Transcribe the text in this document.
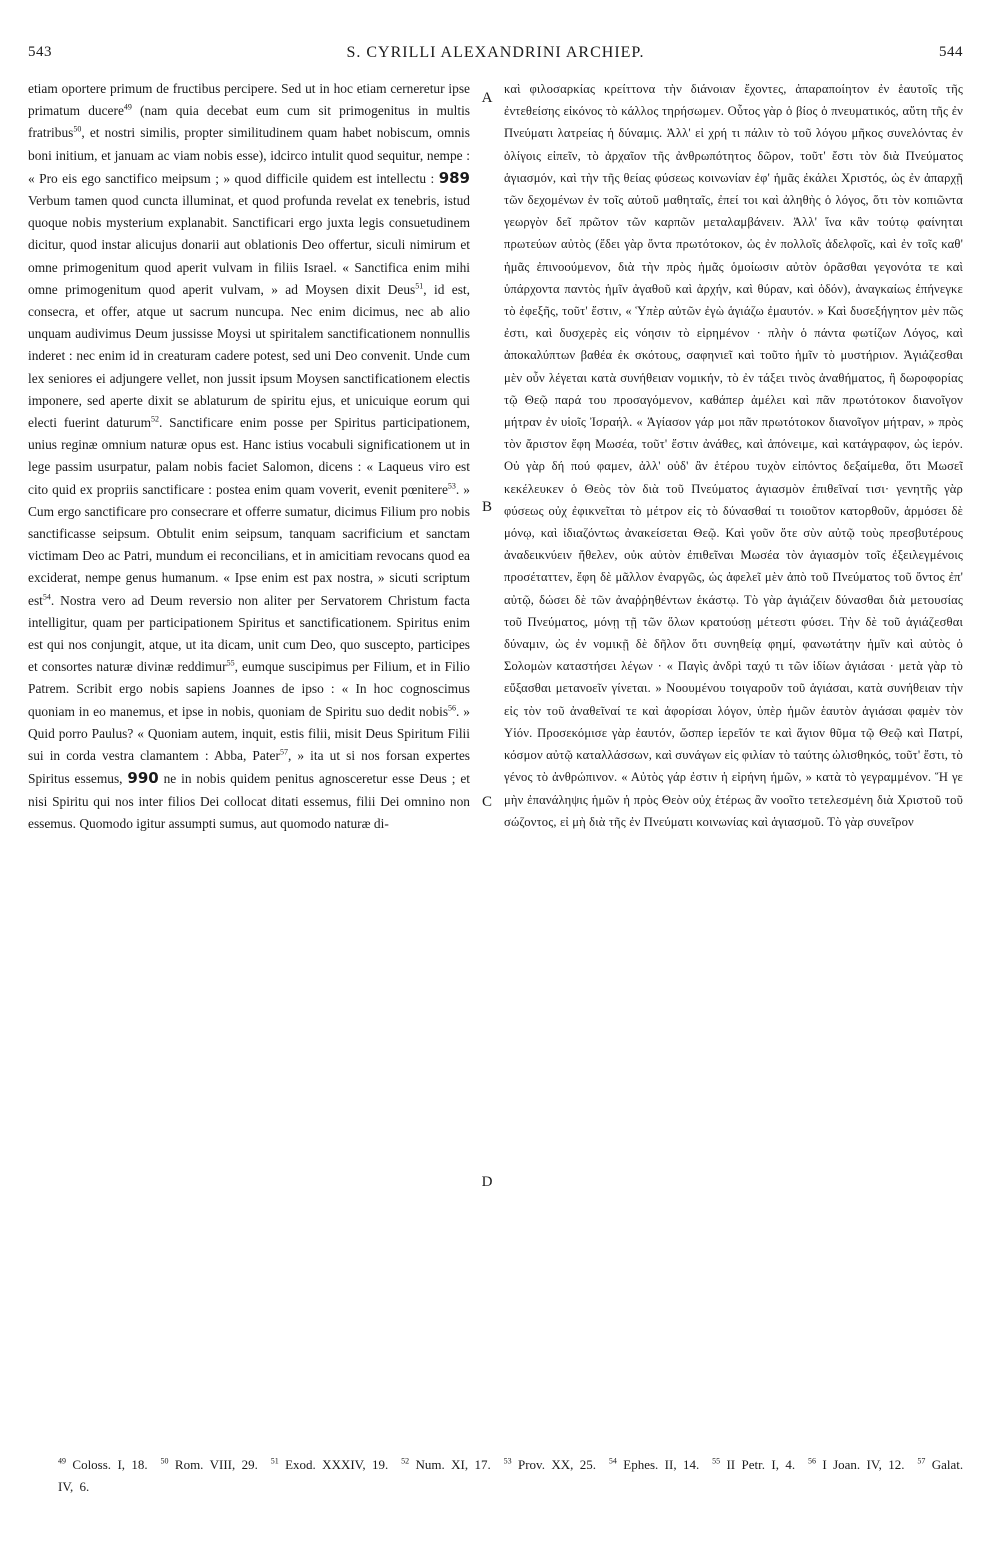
543	S. CYRILLI ALEXANDRINI ARCHIEP.	544
etiam oportere primum de fructibus percipere. Sed ut in hoc etiam cerneretur ipse primatum ducere$^{49}$ (nam quia decebat eum cum sit primogenitus in multis fratribus$^{50}$, et nostri similis, propter similitudinem quam habet nobiscum, omnis boni initium, et januam ac viam nobis esse), idcirco intulit quod sequitur, nempe : « Pro eis ego sanctifico meipsum ; » quod difficile quidem est intellectu : 989 Verbum tamen quod cuncta illuminat, et quod profunda revelat ex tenebris, istud quoque nobis mysterium explanabit. Sanctificari ergo juxta legis consuetudinem dicitur, quod instar alicujus donarii aut oblationis Deo offertur, siculi nimirum et omne primogenitum quod aperit vulvam in filiis Israel. « Sanctifica enim mihi omne primogenitum quod aperit vulvam, » ad Moysen dixit Deus$^{51}$, id est, consecra, et offer, atque ut sacrum nuncupa. Nec enim dicimus, nec ab alio unquam audivimus Deum jussisse Moysi ut spiritalem sanctificationem nonnullis inderet : nec enim id in creaturam cadere potest, sed uni Deo convenit. Unde cum lex seniores ei adjungere vellet, non jussit ipsum Moysen sanctificationem electis imponere, sed aperte dixit se ablaturum de spiritu ejus, et unicuique eorum qui electi fuerint daturum$^{52}$. Sanctificare enim posse per Spiritus participationem, unius reginæ omnium naturæ opus est. Hanc istius vocabuli significationem ut in lege passim usurpatur, palam nobis faciet Salomon, dicens : « Laqueus viro est cito quid ex propriis sanctificare : postea enim quam voverit, evenit pœnitere$^{53}$. » Cum ergo sanctificare pro consecrare et offerre sumatur, dicimus Filium pro nobis sanctificasse seipsum. Obtulit enim seipsum, tanquam sacrificium et sanctam victimam Deo ac Patri, mundum ei reconcilians, et in amicitiam revocans quod ea exciderat, nempe genus humanum. « Ipse enim est pax nostra, » sicuti scriptum est$^{54}$. Nostra vero ad Deum reversio non aliter per Servatorem Christum facta intelligitur, quam per participationem Spiritus et sanctificationem. Spiritus enim est qui nos conjungit, atque, ut ita dicam, unit cum Deo, quo suscepto, participes et consortes naturæ divinæ reddimur$^{55}$, eumque suscipimus per Filium, et in Filio Patrem. Scribit ergo nobis sapiens Joannes de ipso : « In hoc cognoscimus quoniam in eo manemus, et ipse in nobis, quoniam de Spiritu suo dedit nobis$^{56}$. » Quid porro Paulus? « Quoniam autem, inquit, estis filii, misit Deus Spiritum Filii sui in corda vestra clamantem : Abba, Pater$^{57}$, » ita ut si nos forsan expertes Spiritus essemus, 990 ne in nobis quidem penitus agnosceretur esse Deus ; et nisi Spiritu qui nos inter filios Dei collocat ditati essemus, filii Dei omnino non essemus. Quomodo igitur assumpti sumus, aut quomodo naturæ di-
A
B
C
D
καὶ φιλοσαρκίας κρείττονα τὴν διάνοιαν ἔχοντες, ἀπαραποίητον ἐν ἑαυτοῖς τῆς ἐντεθείσης εἰκόνος τὸ κάλλος τηρήσωμεν. Οὗτος γὰρ ὁ βίος ὁ πνευματικός, αὕτη τῆς ἐν Πνεύματι λατρείας ἡ δύναμις. Ἀλλ' εἰ χρή τι πάλιν τὸ τοῦ λόγου μῆκος συνελόντας ἐν ὀλίγοις εἰπεῖν, τὸ ἀρχαῖον τῆς ἀνθρωπότητος δῶρον, τοῦτ' ἔστι τὸν διὰ Πνεύματος ἁγιασμόν, καὶ τὴν τῆς θείας φύσεως κοινωνίαν ἐφ' ἡμᾶς ἐκάλει Χριστός, ὡς ἐν ἀπαρχῇ τῶν δεχομένων ἐν τοῖς αὐτοῦ μαθηταῖς, ἐπεί τοι καὶ ἀληθὴς ὁ λόγος, ὅτι τὸν κοπιῶντα γεωργὸν δεῖ πρῶτον τῶν καρπῶν μεταλαμβάνειν. Ἀλλ' ἵνα κἂν τούτῳ φαίνηται πρωτεύων αὐτὸς (ἔδει γὰρ ὄντα πρωτότοκον, ὡς ἐν πολλοῖς ἀδελφοῖς, καὶ ἐν τοῖς καθ' ἡμᾶς ἐπινοούμενον, διὰ τὴν πρὸς ἡμᾶς ὁμοίωσιν αὐτὸν ὁρᾶσθαι γεγονότα τε καὶ ὑπάρχοντα παντὸς ἡμῖν ἀγαθοῦ καὶ ἀρχήν, καὶ θύραν, καὶ ὁδόν), ἀναγκαίως ἐπήνεγκε τὸ ἐφεξῆς, τοῦτ' ἔστιν, « Ὑπὲρ αὐτῶν ἐγὼ ἁγιάζω ἐμαυτόν. » Καὶ δυσεξήγητον μὲν πῶς ἐστι, καὶ δυσχερὲς εἰς νόησιν τὸ εἰρημένον · πλὴν ὁ πάντα φωτίζων Λόγος, καὶ ἀποκαλύπτων βαθέα ἐκ σκότους, σαφηνιεῖ καὶ τοῦτο ἡμῖν τὸ μυστήριον. Ἁγιάζεσθαι μὲν οὖν λέγεται κατὰ συνήθειαν νομικήν, τὸ ἐν τάξει τινὸς ἀναθήματος, ἢ δωροφορίας τῷ Θεῷ παρά του προσαγόμενον, καθάπερ ἀμέλει καὶ πᾶν πρωτότοκον διανοῖγον μήτραν ἐν υἱοῖς Ἰσραήλ. « Ἁγίασον γάρ μοι πᾶν πρωτότοκον διανοῖγον μήτραν, » πρὸς τὸν ἄριστον ἔφη Μωσέα, τοῦτ' ἔστιν ἀνάθες, καὶ ἀπόνειμε, καὶ κατάγραφον, ὡς ἱερόν. Οὐ γὰρ δή πού φαμεν, ἀλλ' οὐδ' ἂν ἑτέρου τυχὸν εἰπόντος δεξαίμεθα, ὅτι Μωσεῖ κεκέλευκεν ὁ Θεὸς τὸν διὰ τοῦ Πνεύματος ἁγιασμὸν ἐπιθεῖναί τισι· γενητῆς γὰρ φύσεως οὐχ ἐφικνεῖται τὸ μέτρον εἰς τὸ δύνασθαί τι τοιοῦτον κατορθοῦν, ἁρμόσει δὲ μόνῳ, καὶ ἰδιαζόντως ἀνακείσεται Θεῷ. Καὶ γοῦν ὅτε σὺν αὐτῷ τοὺς πρεσβυτέρους ἀναδεικνύειν ἤθελεν, οὐκ αὐτὸν ἐπιθεῖναι Μωσέα τὸν ἁγιασμὸν τοῖς ἐξειλεγμένοις προσέταττεν, ἔφη δὲ μᾶλλον ἐναργῶς, ὡς ἀφελεῖ μὲν ἀπὸ τοῦ Πνεύματος τοῦ ὄντος ἐπ' αὐτῷ, δώσει δὲ τῶν ἀναῤῥηθέντων ἑκάστῳ. Τὸ γὰρ ἁγιάζειν δύνασθαι διὰ μετουσίας τοῦ Πνεύματος, μόνῃ τῇ τῶν ὅλων κρατούσῃ μέτεστι φύσει. Τὴν δὲ τοῦ ἁγιάζεσθαι δύναμιν, ὡς ἐν νομικῇ δὲ δῆλον ὅτι συνηθείᾳ φημί, φανωτάτην ἡμῖν καὶ αὐτὸς ὁ Σολομὼν καταστήσει λέγων · « Παγὶς ἀνδρὶ ταχύ τι τῶν ἰδίων ἁγιάσαι · μετὰ γὰρ τὸ εὔξασθαι μετανοεῖν γίνεται. » Νοουμένου τοιγαροῦν τοῦ ἁγιάσαι, κατὰ συνήθειαν τὴν εἰς τὸν τοῦ ἀναθεῖναί τε καὶ ἀφορίσαι λόγον, ὑπὲρ ἡμῶν ἑαυτὸν ἁγιάσαι φαμὲν τὸν Υἱόν. Προσεκόμισε γὰρ ἑαυτόν, ὥσπερ ἱερεῖόν τε καὶ ἅγιον θῦμα τῷ Θεῷ καὶ Πατρί, κόσμον αὐτῷ καταλλάσσων, καὶ συνάγων εἰς φιλίαν τὸ ταύτης ὠλισθηκός, τοῦτ' ἔστι, τὸ γένος τὸ ἀνθρώπινον. « Αὐτὸς γάρ ἐστιν ἡ εἰρήνη ἡμῶν, » κατὰ τὸ γεγραμμένον. Ἥ γε μὴν ἐπανάληψις ἡμῶν ἡ πρὸς Θεὸν οὐχ ἑτέρως ἂν νοοῖτο τετελεσμένη διὰ Χριστοῦ τοῦ σώζοντος, εἰ μὴ διὰ τῆς ἐν Πνεύματι κοινωνίας καὶ ἁγιασμοῦ. Τὸ γὰρ συνεῖρον
$^{49}$ Coloss. I, 18. $^{50}$ Rom. VIII, 29. $^{51}$ Exod. XXXIV, 19. $^{52}$ Num. XI, 17. $^{53}$ Prov. XX, 25. $^{54}$ Ephes. II, 14. $^{55}$ II Petr. I, 4. $^{56}$ I Joan. IV, 12. $^{57}$ Galat. IV, 6.
